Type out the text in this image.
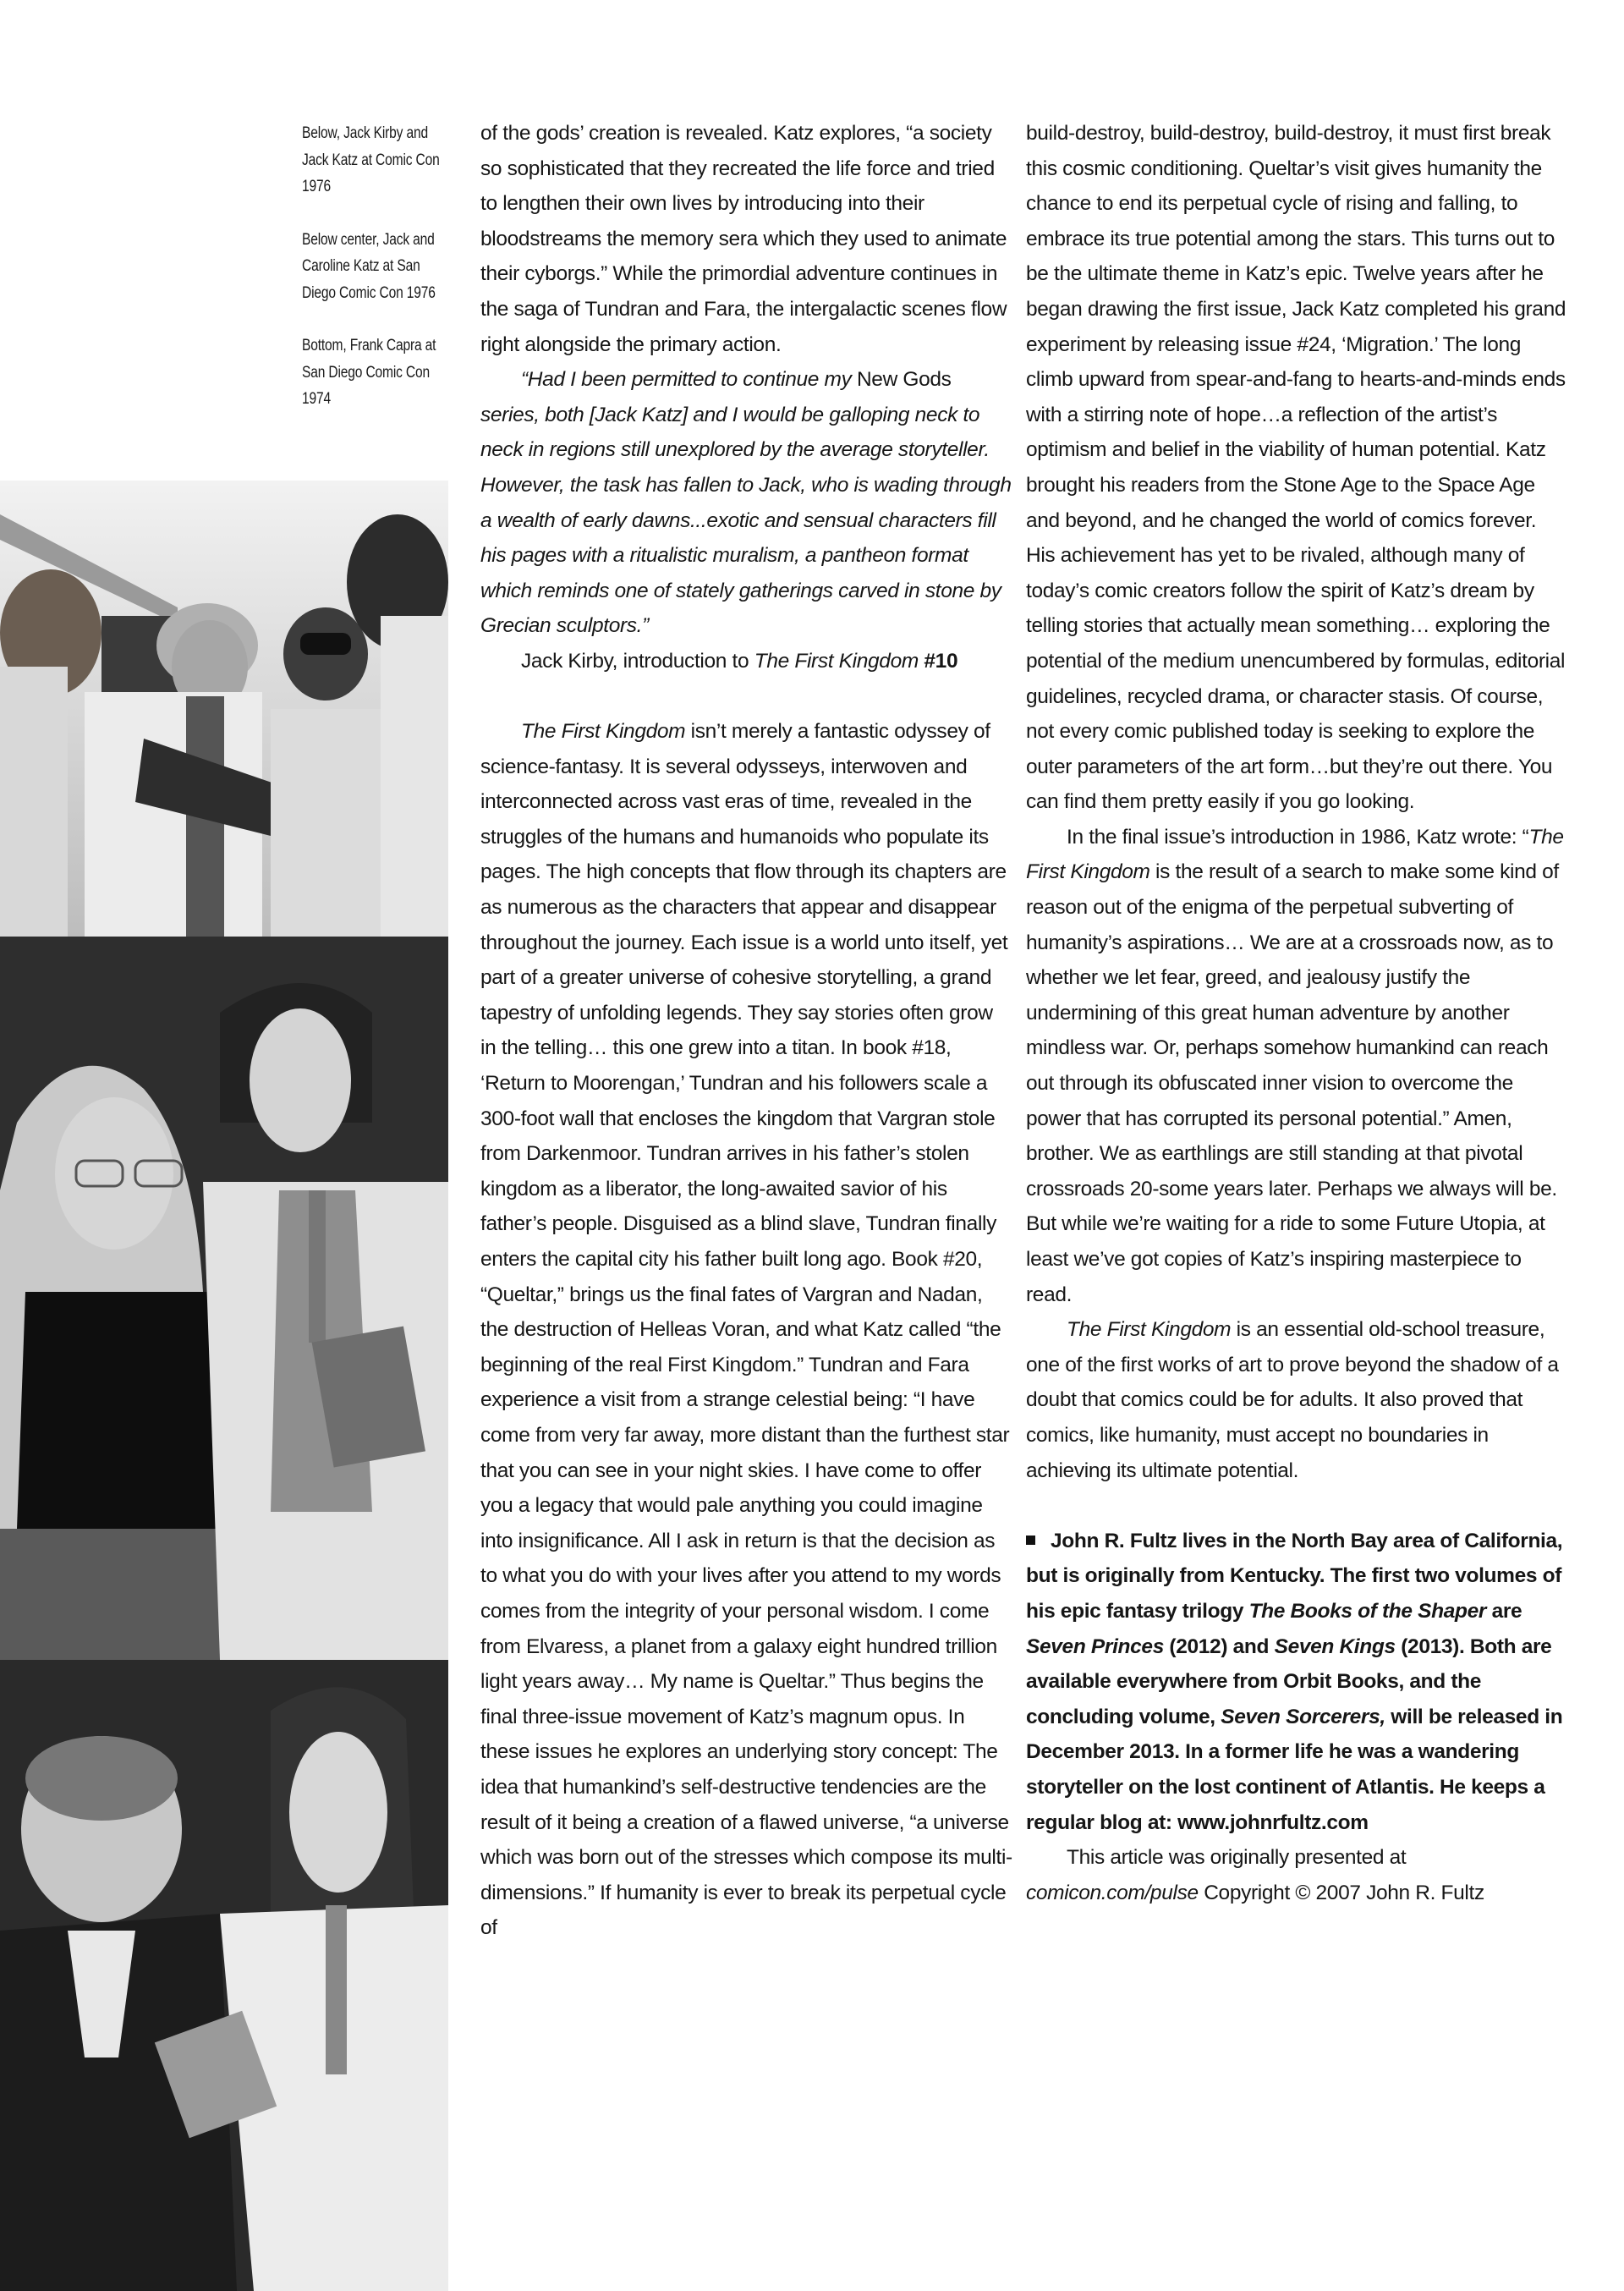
Below, Jack Kirby and Jack Katz at Comic Con 1976

Below center, Jack and Caroline Katz at San Diego Comic Con 1976

Bottom, Frank Capra at San Diego Comic Con 1974

of the gods’ creation is revealed. Katz explores, “a society so sophisticated that they recreated the life force and tried to lengthen their own lives by introducing into their bloodstreams the memory sera which they used to animate their cyborgs.” While the primordial adventure continues in the saga of Tundran and Fara, the intergalactic scenes flow right alongside the primary action.

“Had I been permitted to continue my New Gods series, both [Jack Katz] and I would be galloping neck to neck in regions still unexplored by the average storyteller. However, the task has fallen to Jack, who is wading through a wealth of early dawns...exotic and sensual characters fill his pages with a ritualistic muralism, a pantheon format which reminds one of stately gatherings carved in stone by Grecian sculptors.”

Jack Kirby, introduction to The First Kingdom #10

The First Kingdom isn’t merely a fantastic odyssey of science-fantasy. It is several odysseys, interwoven and interconnected across vast eras of time, revealed in the struggles of the humans and humanoids who populate its pages. The high concepts that flow through its chapters are as numerous as the characters that appear and disappear throughout the journey. Each issue is a world unto itself, yet part of a greater universe of cohesive storytelling, a grand tapestry of unfolding legends. They say stories often grow in the telling… this one grew into a titan. In book #18, ‘Return to Moorengan,’ Tundran and his followers scale a 300-foot wall that encloses the kingdom that Vargran stole from Darkenmoor. Tundran arrives in his father’s stolen kingdom as a liberator, the long-awaited savior of his father’s people. Disguised as a blind slave, Tundran finally enters the capital city his father built long ago. Book #20, “Queltar,” brings us the final fates of Vargran and Nadan, the destruction of Helleas Voran, and what Katz called “the beginning of the real First Kingdom.” Tundran and Fara experience a visit from a strange celestial being: “I have come from very far away, more distant than the furthest star that you can see in your night skies. I have come to offer you a legacy that would pale anything you could imagine into insignificance. All I ask in return is that the decision as to what you do with your lives after you attend to my words comes from the integrity of your personal wisdom. I come from Elvaress, a planet from a galaxy eight hundred trillion light years away… My name is Queltar.” Thus begins the final three-issue movement of Katz’s magnum opus. In these issues he explores an underlying story concept: The idea that humankind’s self-destructive tendencies are the result of it being a creation of a flawed universe, “a universe which was born out of the stresses which compose its multi-dimensions.” If humanity is ever to break its perpetual cycle of

build-destroy, build-destroy, build-destroy, it must first break this cosmic conditioning. Queltar’s visit gives humanity the chance to end its perpetual cycle of rising and falling, to embrace its true potential among the stars. This turns out to be the ultimate theme in Katz’s epic. Twelve years after he began drawing the first issue, Jack Katz completed his grand experiment by releasing issue #24, ‘Migration.’ The long climb upward from spear-and-fang to hearts-and-minds ends with a stirring note of hope…a reflection of the artist’s optimism and belief in the viability of human potential. Katz brought his readers from the Stone Age to the Space Age and beyond, and he changed the world of comics forever. His achievement has yet to be rivaled, although many of today’s comic creators follow the spirit of Katz’s dream by telling stories that actually mean something… exploring the potential of the medium unencumbered by formulas, editorial guidelines, recycled drama, or character stasis. Of course, not every comic published today is seeking to explore the outer parameters of the art form…but they’re out there. You can find them pretty easily if you go looking.

In the final issue’s introduction in 1986, Katz wrote: “The First Kingdom is the result of a search to make some kind of reason out of the enigma of the perpetual subverting of humanity’s aspirations… We are at a crossroads now, as to whether we let fear, greed, and jealousy justify the undermining of this great human adventure by another mindless war. Or, perhaps somehow humankind can reach out through its obfuscated inner vision to overcome the power that has corrupted its personal potential.” Amen, brother. We as earthlings are still standing at that pivotal crossroads 20-some years later. Perhaps we always will be. But while we’re waiting for a ride to some Future Utopia, at least we’ve got copies of Katz’s inspiring masterpiece to read.

The First Kingdom is an essential old-school treasure, one of the first works of art to prove beyond the shadow of a doubt that comics could be for adults. It also proved that comics, like humanity, must accept no boundaries in achieving its ultimate potential.

John R. Fultz lives in the North Bay area of California, but is originally from Kentucky. The first two volumes of his epic fantasy trilogy The Books of the Shaper are Seven Princes (2012) and Seven Kings (2013). Both are available everywhere from Orbit Books, and the concluding volume, Seven Sorcerers, will be released in December 2013. In a former life he was a wandering storyteller on the lost continent of Atlantis. He keeps a regular blog at: www.johnrfultz.com

This article was originally presented at comicon.com/pulse Copyright © 2007 John R. Fultz
